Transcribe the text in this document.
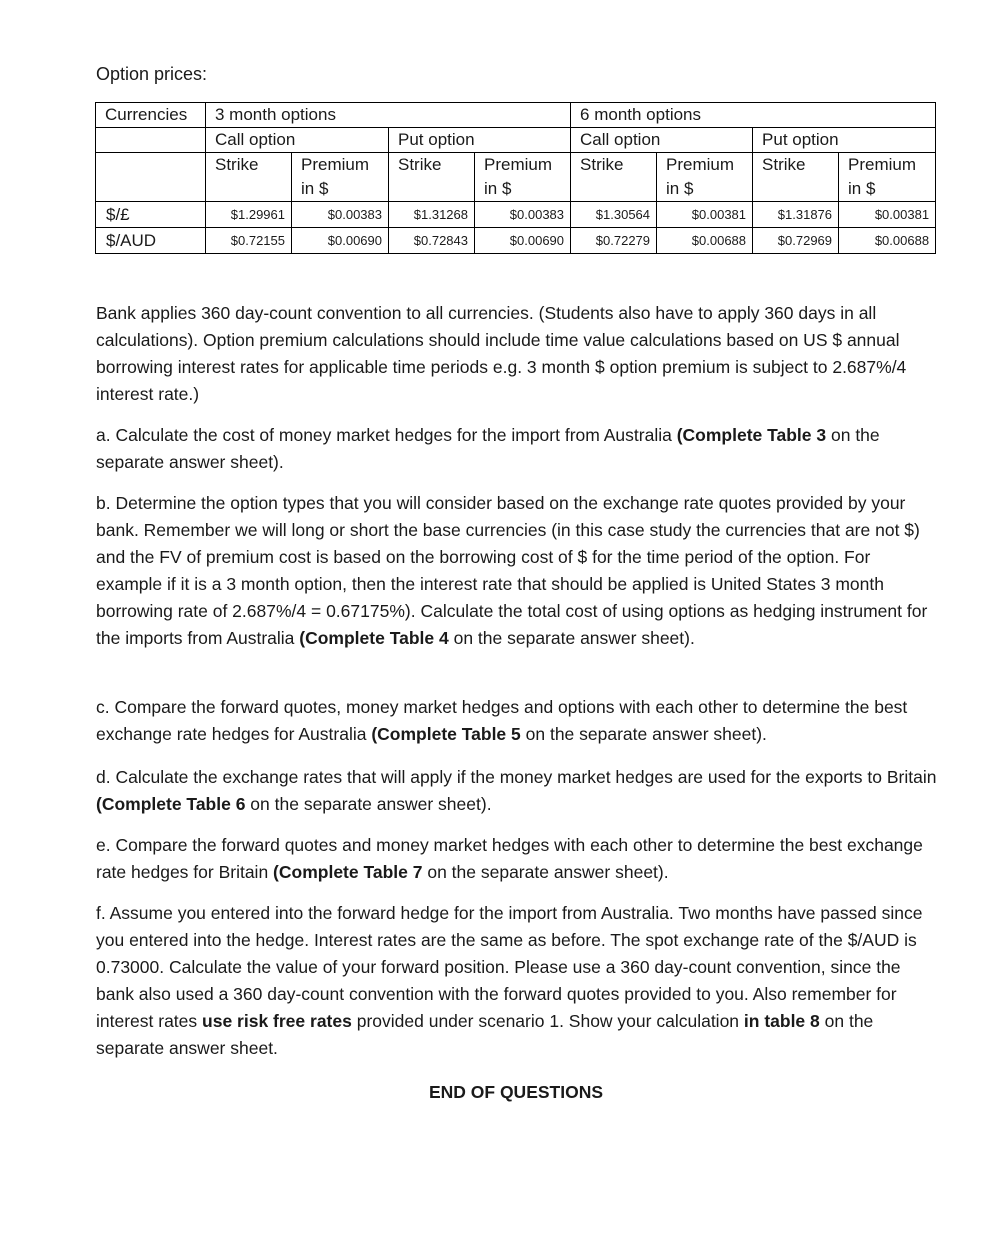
Option prices:
Currencies	3 month options				6 month options			
	Call option		Put option		Call option		Put option	
	Strike	Premium in $	Strike	Premium in $	Strike	Premium in $	Strike	Premium in $
$/£	$1.29961	$0.00383	$1.31268	$0.00383	$1.30564	$0.00381	$1.31876	$0.00381
$/AUD	$0.72155	$0.00690	$0.72843	$0.00690	$0.72279	$0.00688	$0.72969	$0.00688
Bank applies 360 day-count convention to all currencies. (Students also have to apply 360 days in all calculations). Option premium calculations should include time value calculations based on US $ annual borrowing interest rates for applicable time periods e.g. 3 month $ option premium is subject to 2.687%/4 interest rate.)
a. Calculate the cost of money market hedges for the import from Australia (Complete Table 3 on the separate answer sheet).
b. Determine the option types that you will consider based on the exchange rate quotes provided by your bank. Remember we will long or short the base currencies (in this case study the currencies that are not $) and the FV of premium cost is based on the borrowing cost of $ for the time period of the option. For example if it is a 3 month option, then the interest rate that should be applied is United States 3 month borrowing rate of 2.687%/4 = 0.67175%). Calculate the total cost of using options as hedging instrument for the imports from Australia (Complete Table 4 on the separate answer sheet).
c. Compare the forward quotes, money market hedges and options with each other to determine the best exchange rate hedges for Australia (Complete Table 5 on the separate answer sheet).
d. Calculate the exchange rates that will apply if the money market hedges are used for the exports to Britain (Complete Table 6 on the separate answer sheet).
e. Compare the forward quotes and money market hedges with each other to determine the best exchange rate hedges for Britain (Complete Table 7 on the separate answer sheet).
f. Assume you entered into the forward hedge for the import from Australia. Two months have passed since you entered into the hedge. Interest rates are the same as before. The spot exchange rate of the $/AUD is 0.73000. Calculate the value of your forward position. Please use a 360 day-count convention, since the bank also used a 360 day-count convention with the forward quotes provided to you. Also remember for interest rates use risk free rates provided under scenario 1. Show your calculation in table 8 on the separate answer sheet.
END OF QUESTIONS
